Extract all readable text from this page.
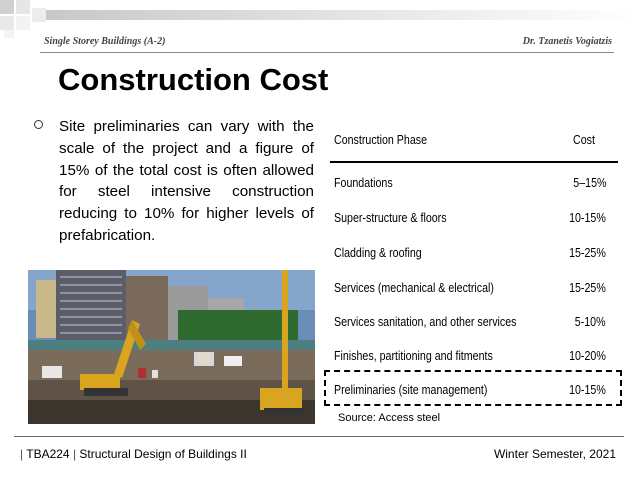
Single Storey Buildings (A-2)	Dr. Tzanetis Vogiatzis
Construction Cost

Site preliminaries can vary with the scale of the project and a figure of 15% of the total cost is often allowed for steel intensive construction reducing to 10% for higher levels of prefabrication.

Construction Phase	Cost
Foundations	5–15%
Super-structure & floors	10-15%
Cladding & roofing	15-25%
Services (mechanical & electrical)	15-25%
Services sanitation, and other services	5-10%
Finishes, partitioning and fitments	10-20%
Preliminaries (site management)	10-15%
Source: Access steel
| TBA224 | Structural Design of Buildings II	Winter Semester, 2021
